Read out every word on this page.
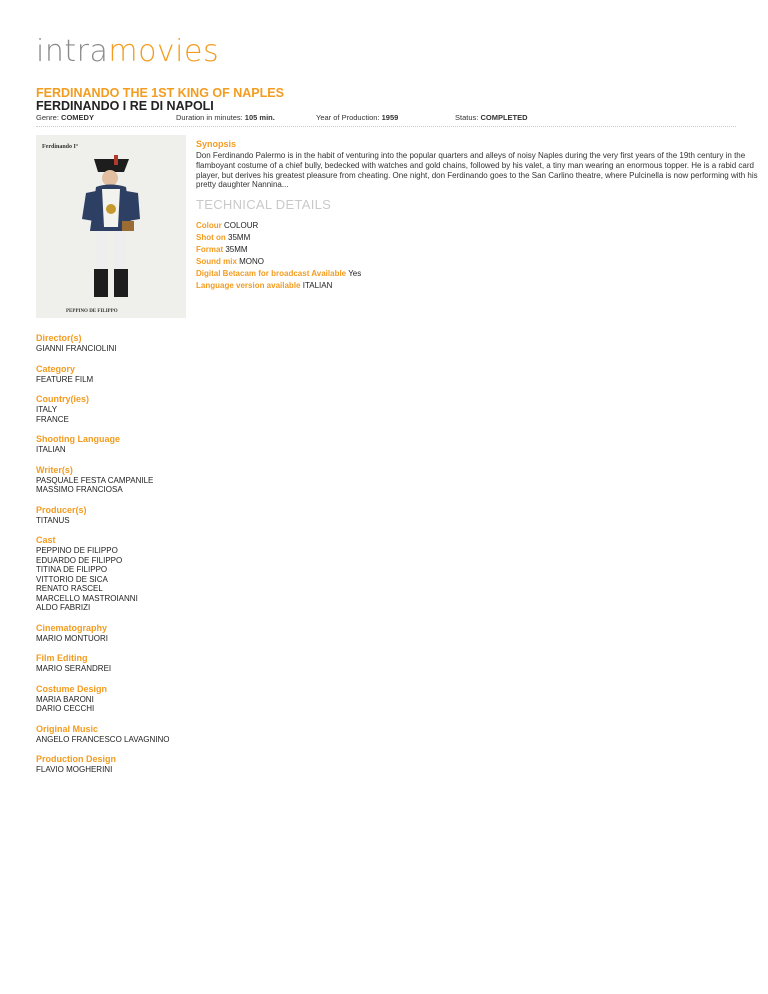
intramovies
FERDINANDO THE 1ST KING OF NAPLES
FERDINANDO I RE DI NAPOLI
Genre: COMEDY	Duration in minutes: 105 min.	Year of Production: 1959	Status: COMPLETED
Ferdinando I°
PEPPINO DE FILIPPO
Synopsis
Don Ferdinando Palermo is in the habit of venturing into the popular quarters and alleys of noisy Naples during the very first years of the 19th century in the flamboyant costume of a chief bully, bedecked with watches and gold chains, followed by his valet, a tiny man wearing an enormous topper. He is a rabid card player, but derives his greatest pleasure from cheating. One night, don Ferdinando goes to the San Carlino theatre, where Pulcinella is now performing with his pretty daughter Nannina...
TECHNICAL DETAILS
Colour COLOUR
Shot on 35MM
Format 35MM
Sound mix MONO
Digital Betacam for broadcast Available Yes
Language version available ITALIAN
Director(s)
GIANNI FRANCIOLINI
Category
FEATURE FILM
Country(ies)
ITALY
FRANCE
Shooting Language
ITALIAN
Writer(s)
PASQUALE FESTA CAMPANILE
MASSIMO FRANCIOSA
Producer(s)
TITANUS
Cast
PEPPINO DE FILIPPO
EDUARDO DE FILIPPO
TITINA DE FILIPPO
VITTORIO DE SICA
RENATO RASCEL
MARCELLO MASTROIANNI
ALDO FABRIZI
Cinematography
MARIO MONTUORI
Film Editing
MARIO SERANDREI
Costume Design
MARIA BARONI
DARIO CECCHI
Original Music
ANGELO FRANCESCO LAVAGNINO
Production Design
FLAVIO MOGHERINI
